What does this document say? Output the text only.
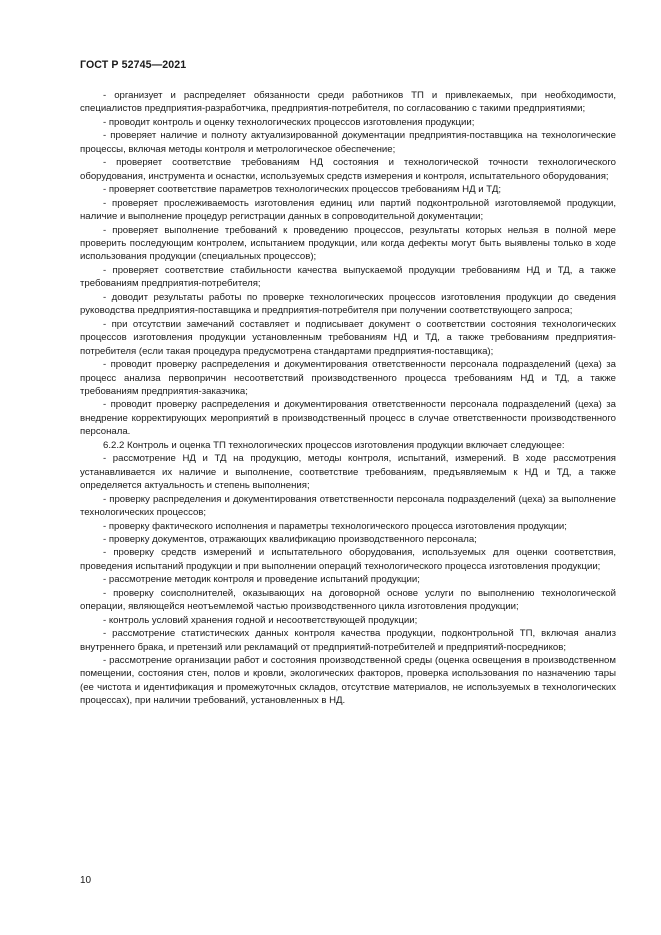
ГОСТ Р 52745—2021

- организует и распределяет обязанности среди работников ТП и привлекаемых, при необходимости, специалистов предприятия-разработчика, предприятия-потребителя, по согласованию с такими предприятиями;

- проводит контроль и оценку технологических процессов изготовления продукции;

- проверяет наличие и полноту актуализированной документации предприятия-поставщика на технологические процессы, включая методы контроля и метрологическое обеспечение;

- проверяет соответствие требованиям НД состояния и технологической точности технологического оборудования, инструмента и оснастки, используемых средств измерения и контроля, испытательного оборудования;

- проверяет соответствие параметров технологических процессов требованиям НД и ТД;

- проверяет прослеживаемость изготовления единиц или партий подконтрольной изготовляемой продукции, наличие и выполнение процедур регистрации данных в сопроводительной документации;

- проверяет выполнение требований к проведению процессов, результаты которых нельзя в полной мере проверить последующим контролем, испытанием продукции, или когда дефекты могут быть выявлены только в ходе использования продукции (специальных процессов);

- проверяет соответствие стабильности качества выпускаемой продукции требованиям НД и ТД, а также требованиям предприятия-потребителя;

- доводит результаты работы по проверке технологических процессов изготовления продукции до сведения руководства предприятия-поставщика и предприятия-потребителя при получении соответствующего запроса;

- при отсутствии замечаний составляет и подписывает документ о соответствии состояния технологических процессов изготовления продукции установленным требованиям НД и ТД, а также требованиям предприятия-потребителя (если такая процедура предусмотрена стандартами предприятия-поставщика);

- проводит проверку распределения и документирования ответственности персонала подразделений (цеха) за процесс анализа первопричин несоответствий производственного процесса требованиям НД и ТД, а также требованиям предприятия-заказчика;

- проводит проверку распределения и документирования ответственности персонала подразделений (цеха) за внедрение корректирующих мероприятий в производственный процесс в случае ответственности производственного персонала.

6.2.2 Контроль и оценка ТП технологических процессов изготовления продукции включает следующее:

- рассмотрение НД и ТД на продукцию, методы контроля, испытаний, измерений. В ходе рассмотрения устанавливается их наличие и выполнение, соответствие требованиям, предъявляемым к НД и ТД, а также определяется актуальность и степень выполнения;

- проверку распределения и документирования ответственности персонала подразделений (цеха) за выполнение технологических процессов;

- проверку фактического исполнения и параметры технологического процесса изготовления продукции;

- проверку документов, отражающих квалификацию производственного персонала;

- проверку средств измерений и испытательного оборудования, используемых для оценки соответствия, проведения испытаний продукции и при выполнении операций технологического процесса изготовления продукции;

- рассмотрение методик контроля и проведение испытаний продукции;

- проверку соисполнителей, оказывающих на договорной основе услуги по выполнению технологической операции, являющейся неотъемлемой частью производственного цикла изготовления продукции;

- контроль условий хранения годной и несоответствующей продукции;

- рассмотрение статистических данных контроля качества продукции, подконтрольной ТП, включая анализ внутреннего брака, и претензий или рекламаций от предприятий-потребителей и предприятий-посредников;

- рассмотрение организации работ и состояния производственной среды (оценка освещения в производственном помещении, состояния стен, полов и кровли, экологических факторов, проверка использования по назначению тары (ее чистота и идентификация и промежуточных складов, отсутствие материалов, не используемых в технологических процессах), при наличии требований, установленных в НД.

10
